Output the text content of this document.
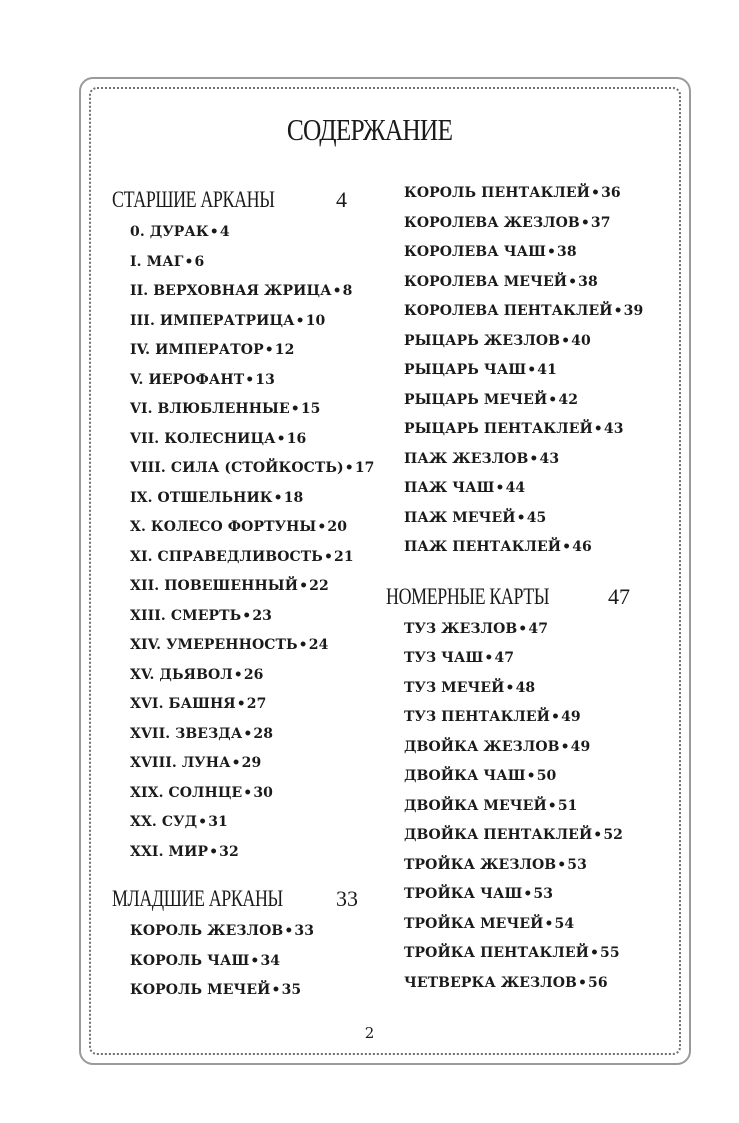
СОДЕРЖАНИЕ
СТАРШИЕ АРКАНЫ	4
0. ДУРАК•4
I. МАГ•6
II. ВЕРХОВНАЯ ЖРИЦА•8
III. ИМПЕРАТРИЦА•10
IV. ИМПЕРАТОР•12
V. ИЕРОФАНТ•13
VI. ВЛЮБЛЕННЫЕ•15
VII. КОЛЕСНИЦА•16
VIII. СИЛА (СТОЙКОСТЬ)•17
IX. ОТШЕЛЬНИК•18
X. КОЛЕСО ФОРТУНЫ•20
XI. СПРАВЕДЛИВОСТЬ•21
XII. ПОВЕШЕННЫЙ•22
XIII. СМЕРТЬ•23
XIV. УМЕРЕННОСТЬ•24
XV. ДЬЯВОЛ•26
XVI. БАШНЯ•27
XVII. ЗВЕЗДА•28
XVIII. ЛУНА•29
XIX. СОЛНЦЕ•30
XX. СУД•31
XXI. МИР•32
МЛАДШИЕ АРКАНЫ 33
КОРОЛЬ ЖЕЗЛОВ•33
КОРОЛЬ ЧАШ•34
КОРОЛЬ МЕЧЕЙ•35
КОРОЛЬ ПЕНТАКЛЕЙ•36
КОРОЛЕВА ЖЕЗЛОВ•37
КОРОЛЕВА ЧАШ•38
КОРОЛЕВА МЕЧЕЙ•38
КОРОЛЕВА ПЕНТАКЛЕЙ•39
РЫЦАРЬ ЖЕЗЛОВ•40
РЫЦАРЬ ЧАШ•41
РЫЦАРЬ МЕЧЕЙ•42
РЫЦАРЬ ПЕНТАКЛЕЙ•43
ПАЖ ЖЕЗЛОВ•43
ПАЖ ЧАШ•44
ПАЖ МЕЧЕЙ•45
ПАЖ ПЕНТАКЛЕЙ•46
НОМЕРНЫЕ КАРТЫ	47
ТУЗ ЖЕЗЛОВ•47
ТУЗ ЧАШ•47
ТУЗ МЕЧЕЙ•48
ТУЗ ПЕНТАКЛЕЙ•49
ДВОЙКА ЖЕЗЛОВ•49
ДВОЙКА ЧАШ•50
ДВОЙКА МЕЧЕЙ•51
ДВОЙКА ПЕНТАКЛЕЙ•52
ТРОЙКА ЖЕЗЛОВ•53
ТРОЙКА ЧАШ•53
ТРОЙКА МЕЧЕЙ•54
ТРОЙКА ПЕНТАКЛЕЙ•55
ЧЕТВЕРКА ЖЕЗЛОВ•56
2
